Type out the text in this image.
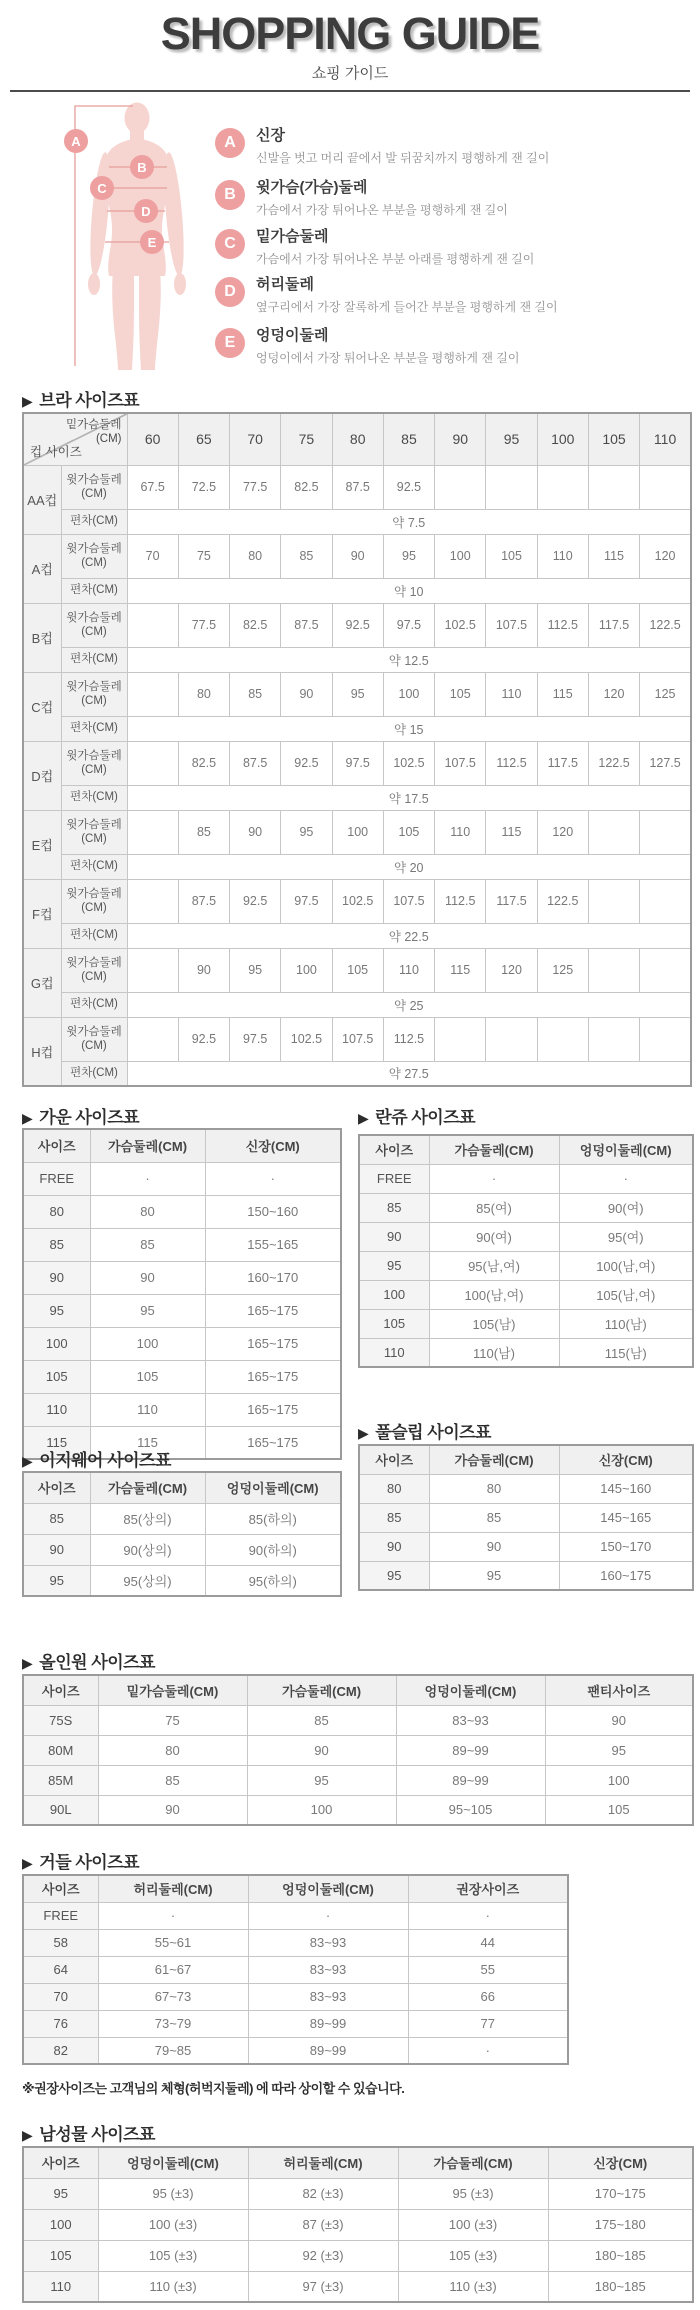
SHOPPING GUIDE
쇼핑 가이드
A
B
C
D
E
A	신장
신발을 벗고 머리 끝에서 발 뒤꿈치까지 평행하게 잰 길이
B	윗가슴(가슴)둘레
가슴에서 가장 튀어나온 부분을 평행하게 잰 길이
C	밑가슴둘레
가슴에서 가장 튀어나온 부분 아래를 평행하게 잰 길이
D	허리둘레
옆구리에서 가장 잘록하게 들어간 부분을 평행하게 잰 길이
E	엉덩이둘레
엉덩이에서 가장 튀어나온 부분을 평행하게 잰 길이
▶ 브라 사이즈표
밑가슴둘레 (CM)
컵 사이즈		60	65	70	75	80	85	90	95	100	105	110
AA컵	윗가슴둘레 (CM)	67.5	72.5	77.5	82.5	87.5	92.5					
	편차(CM)	약 7.5										
A컵	윗가슴둘레 (CM)	70	75	80	85	90	95	100	105	110	115	120
	편차(CM)	약 10										
B컵	윗가슴둘레 (CM)		77.5	82.5	87.5	92.5	97.5	102.5	107.5	112.5	117.5	122.5
	편차(CM)	약 12.5										
C컵	윗가슴둘레 (CM)		80	85	90	95	100	105	110	115	120	125
	편차(CM)	약 15										
D컵	윗가슴둘레 (CM)		82.5	87.5	92.5	97.5	102.5	107.5	112.5	117.5	122.5	127.5
	편차(CM)	약 17.5										
E컵	윗가슴둘레 (CM)		85	90	95	100	105	110	115	120		
	편차(CM)	약 20										
F컵	윗가슴둘레 (CM)		87.5	92.5	97.5	102.5	107.5	112.5	117.5	122.5		
	편차(CM)	약 22.5										
G컵	윗가슴둘레 (CM)		90	95	100	105	110	115	120	125		
	편차(CM)	약 25										
H컵	윗가슴둘레 (CM)		92.5	97.5	102.5	107.5	112.5					
	편차(CM)	약 27.5										
▶ 가운 사이즈표
사이즈	가슴둘레(CM)	신장(CM)
FREE	·	·
80	80	150~160
85	85	155~165
90	90	160~170
95	95	165~175
100	100	165~175
105	105	165~175
110	110	165~175
115	115	165~175
▶ 란쥬 사이즈표
사이즈	가슴둘레(CM)	엉덩이둘레(CM)
FREE	·	·
85	85(여)	90(여)
90	90(여)	95(여)
95	95(남,여)	100(남,여)
100	100(남,여)	105(남,여)
105	105(남)	110(남)
110	110(남)	115(남)
▶ 풀슬립 사이즈표
사이즈	가슴둘레(CM)	신장(CM)
80	80	145~160
85	85	145~165
90	90	150~170
95	95	160~175
▶ 이지웨어 사이즈표
사이즈	가슴둘레(CM)	엉덩이둘레(CM)
85	85(상의)	85(하의)
90	90(상의)	90(하의)
95	95(상의)	95(하의)
▶ 올인원 사이즈표
사이즈	밑가슴둘레(CM)	가슴둘레(CM)	엉덩이둘레(CM)	팬티사이즈
75S	75	85	83~93	90
80M	80	90	89~99	95
85M	85	95	89~99	100
90L	90	100	95~105	105
▶ 거들 사이즈표
사이즈	허리둘레(CM)	엉덩이둘레(CM)	권장사이즈
FREE	·	·	·
58	55~61	83~93	44
64	61~67	83~93	55
70	67~73	83~93	66
76	73~79	89~99	77
82	79~85	89~99	·
※권장사이즈는 고객님의 체형(허벅지둘레) 에 따라 상이할 수 있습니다.
▶ 남성물 사이즈표
사이즈	엉덩이둘레(CM)	허리둘레(CM)	가슴둘레(CM)	신장(CM)
95	95 (±3)	82 (±3)	95 (±3)	170~175
100	100 (±3)	87 (±3)	100 (±3)	175~180
105	105 (±3)	92 (±3)	105 (±3)	180~185
110	110 (±3)	97 (±3)	110 (±3)	180~185
